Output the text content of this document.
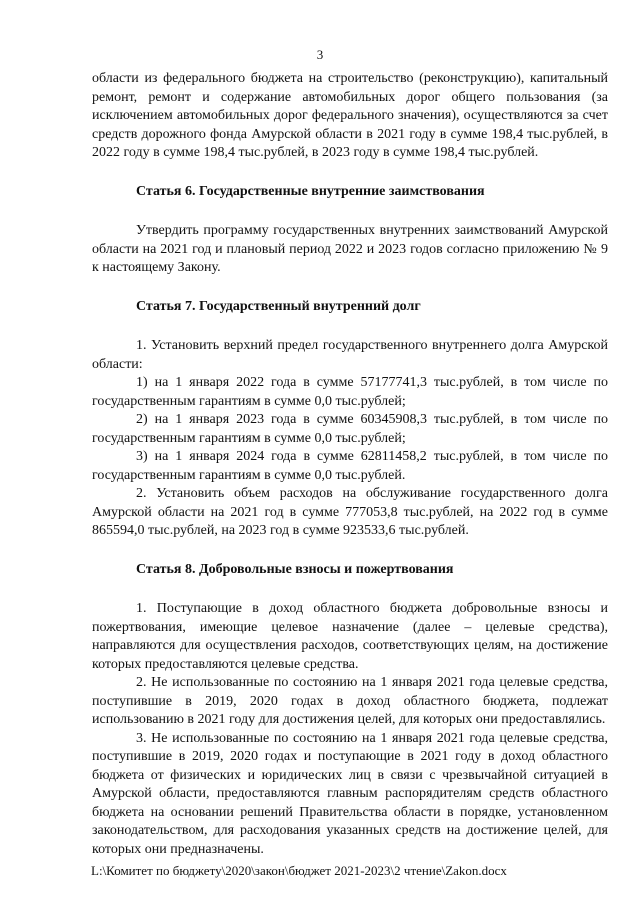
3

области из федерального бюджета на строительство (реконструкцию), капитальный ремонт, ремонт и содержание автомобильных дорог общего пользования (за исключением автомобильных дорог федерального значения), осуществляются за счет средств дорожного фонда Амурской области в 2021 году в сумме 198,4 тыс.рублей, в 2022 году в сумме 198,4 тыс.рублей, в 2023 году в сумме 198,4 тыс.рублей.

Статья 6. Государственные внутренние заимствования

Утвердить программу государственных внутренних заимствований Амурской области на 2021 год и плановый период 2022 и 2023 годов согласно приложению № 9 к настоящему Закону.

Статья 7. Государственный внутренний долг

1. Установить верхний предел государственного внутреннего долга Амурской области:

1) на 1 января 2022 года в сумме 57177741,3 тыс.рублей, в том числе по государственным гарантиям в сумме 0,0 тыс.рублей;

2) на 1 января 2023 года в сумме 60345908,3 тыс.рублей, в том числе по государственным гарантиям в сумме 0,0 тыс.рублей;

3) на 1 января 2024 года в сумме 62811458,2 тыс.рублей, в том числе по государственным гарантиям в сумме 0,0 тыс.рублей.

2. Установить объем расходов на обслуживание государственного долга Амурской области на 2021 год в сумме 777053,8 тыс.рублей, на 2022 год в сумме 865594,0 тыс.рублей, на 2023 год в сумме 923533,6 тыс.рублей.

Статья 8. Добровольные взносы и пожертвования

1. Поступающие в доход областного бюджета добровольные взносы и пожертвования, имеющие целевое назначение (далее – целевые средства), направляются для осуществления расходов, соответствующих целям, на достижение которых предоставляются целевые средства.

2. Не использованные по состоянию на 1 января 2021 года целевые средства, поступившие в 2019, 2020 годах в доход областного бюджета, подлежат использованию в 2021 году для достижения целей, для которых они предоставлялись.

3. Не использованные по состоянию на 1 января 2021 года целевые средства, поступившие в 2019, 2020 годах и поступающие в 2021 году в доход областного бюджета от физических и юридических лиц в связи с чрезвычайной ситуацией в Амурской области, предоставляются главным распорядителям средств областного бюджета на основании решений Правительства области в порядке, установленном законодательством, для расходования указанных средств на достижение целей, для которых они предназначены.

L:\Комитет по бюджету\2020\закон\бюджет 2021-2023\2 чтение\Zakon.docx
